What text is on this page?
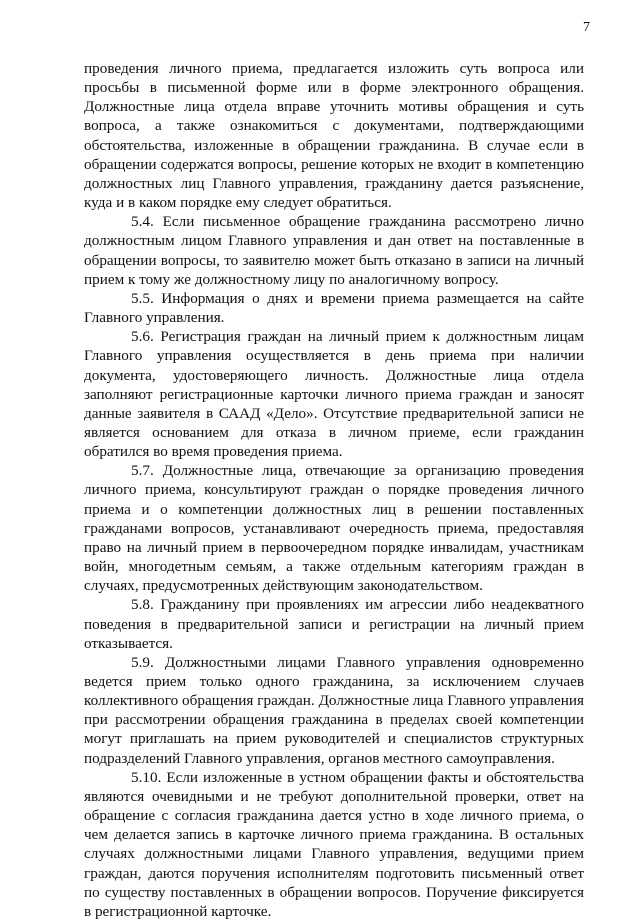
7

проведения личного приема, предлагается изложить суть вопроса или просьбы в письменной форме или в форме электронного обращения. Должностные лица отдела вправе уточнить мотивы обращения и суть вопроса, а также ознакомиться с документами, подтверждающими обстоятельства, изложенные в обращении гражданина. В случае если в обращении содержатся вопросы, решение которых не входит в компетенцию должностных лиц Главного управления, гражданину дается разъяснение, куда и в каком порядке ему следует обратиться.

5.4. Если письменное обращение гражданина рассмотрено лично должностным лицом Главного управления и дан ответ на поставленные в обращении вопросы, то заявителю может быть отказано в записи на личный прием к тому же должностному лицу по аналогичному вопросу.

5.5. Информация о днях и времени приема размещается на сайте Главного управления.

5.6. Регистрация граждан на личный прием к должностным лицам Главного управления осуществляется в день приема при наличии документа, удостоверяющего личность. Должностные лица отдела заполняют регистрационные карточки личного приема граждан и заносят данные заявителя в СААД «Дело». Отсутствие предварительной записи не является основанием для отказа в личном приеме, если гражданин обратился во время проведения приема.

5.7. Должностные лица, отвечающие за организацию проведения личного приема, консультируют граждан о порядке проведения личного приема и о компетенции должностных лиц в решении поставленных гражданами вопросов, устанавливают очередность приема, предоставляя право на личный прием в первоочередном порядке инвалидам, участникам войн, многодетным семьям, а также отдельным категориям граждан в случаях, предусмотренных действующим законодательством.

5.8. Гражданину при проявлениях им агрессии либо неадекватного поведения в предварительной записи и регистрации на личный прием отказывается.

5.9. Должностными лицами Главного управления одновременно ведется прием только одного гражданина, за исключением случаев коллективного обращения граждан. Должностные лица Главного управления при рассмотрении обращения гражданина в пределах своей компетенции могут приглашать на прием руководителей и специалистов структурных подразделений Главного управления, органов местного самоуправления.

5.10. Если изложенные в устном обращении факты и обстоятельства являются очевидными и не требуют дополнительной проверки, ответ на обращение с согласия гражданина дается устно в ходе личного приема, о чем делается запись в карточке личного приема гражданина. В остальных случаях должностными лицами Главного управления, ведущими прием граждан, даются поручения исполнителям подготовить письменный ответ по существу поставленных в обращении вопросов. Поручение фиксируется в регистрационной карточке.
